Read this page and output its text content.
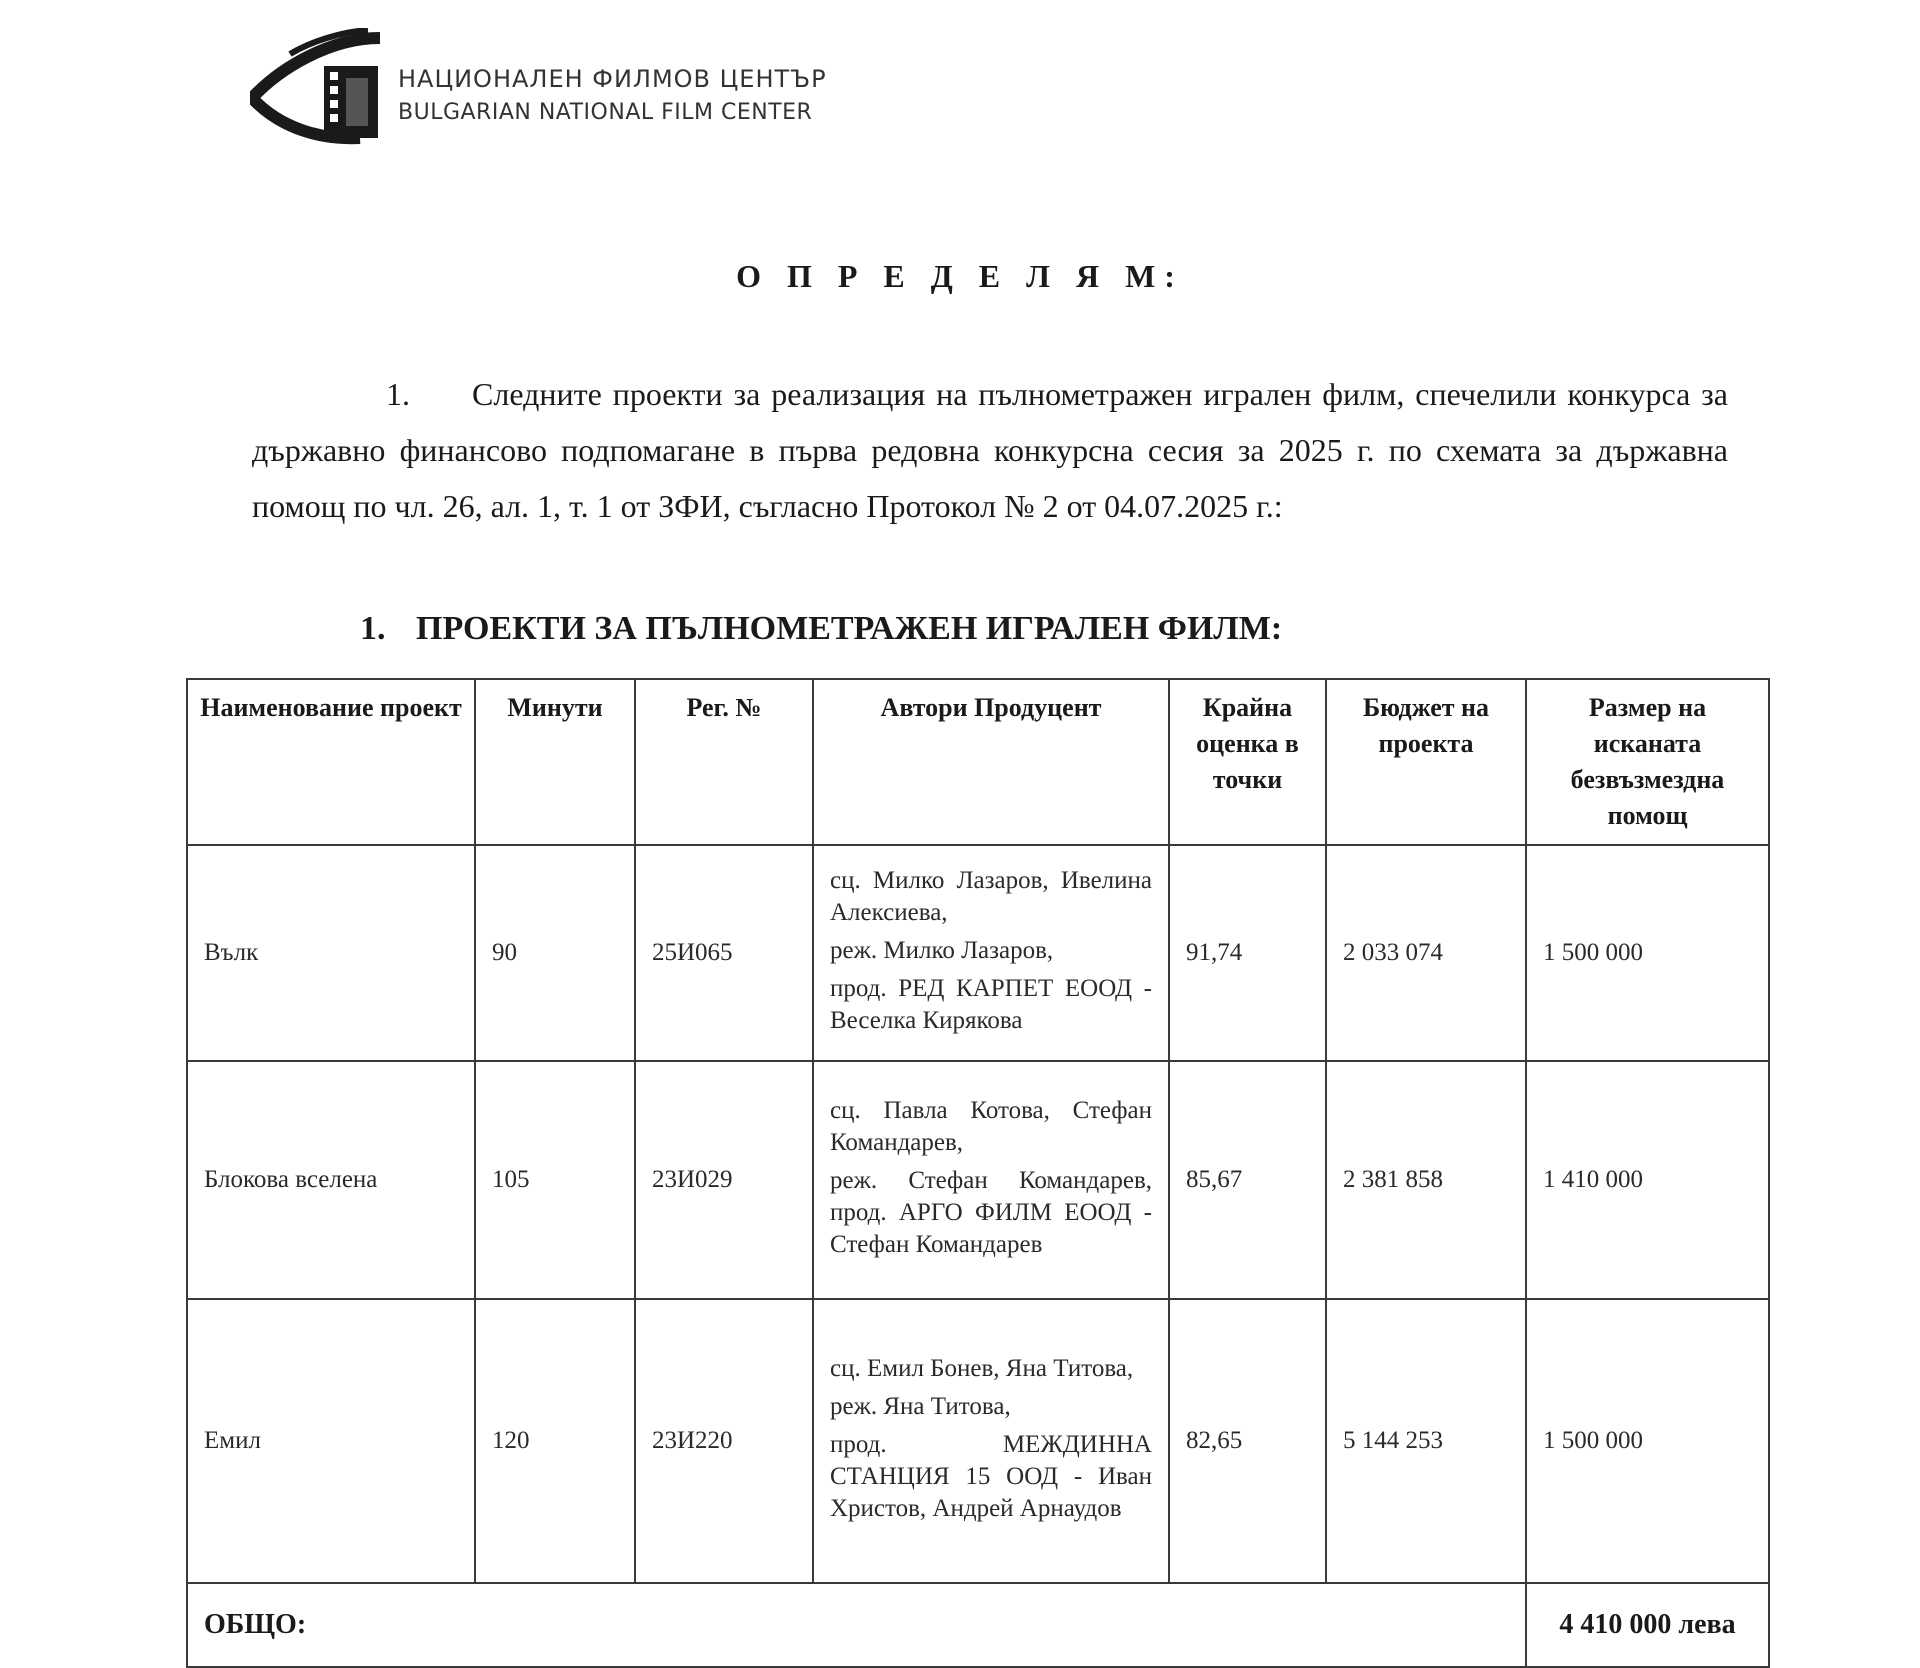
НАЦИОНАЛЕН ФИЛМОВ ЦЕНТЪР
BULGARIAN NATIONAL FILM CENTER
О П Р Е Д Е Л Я М:
1. Следните проекти за реализация на пълнометражен игрален филм, спечелили конкурса за държавно финансово подпомагане в първа редовна конкурсна сесия за 2025 г. по схемата за държавна помощ по чл. 26, ал. 1, т. 1 от ЗФИ, съгласно Протокол № 2 от 04.07.2025 г.:
1. ПРОЕКТИ ЗА ПЪЛНОМЕТРАЖЕН ИГРАЛЕН ФИЛМ:
Наименование проект	Минути	Рег. №	Автори Продуцент	Крайна оценка в точки	Бюджет на проекта	Размер на исканата безвъзмездна помощ
Вълк	90	25И065	сц. Милко Лазаров, Ивелина Алексиева,
реж. Милко Лазаров,
прод. РЕД КАРПЕТ ЕООД - Веселка Кирякова	91,74	2 033 074	1 500 000
Блокова вселена	105	23И029	сц. Павла Котова, Стефан Командарев,
реж. Стефан Командарев, прод. АРГО ФИЛМ ЕООД - Стефан Командарев	85,67	2 381 858	1 410 000
Емил	120	23И220	сц. Емил Бонев, Яна Титова,
реж. Яна Титова,
прод. МЕЖДИННА СТАНЦИЯ 15 ООД - Иван Христов, Андрей Арнаудов	82,65	5 144 253	1 500 000
ОБЩО:						4 410 000 лева
